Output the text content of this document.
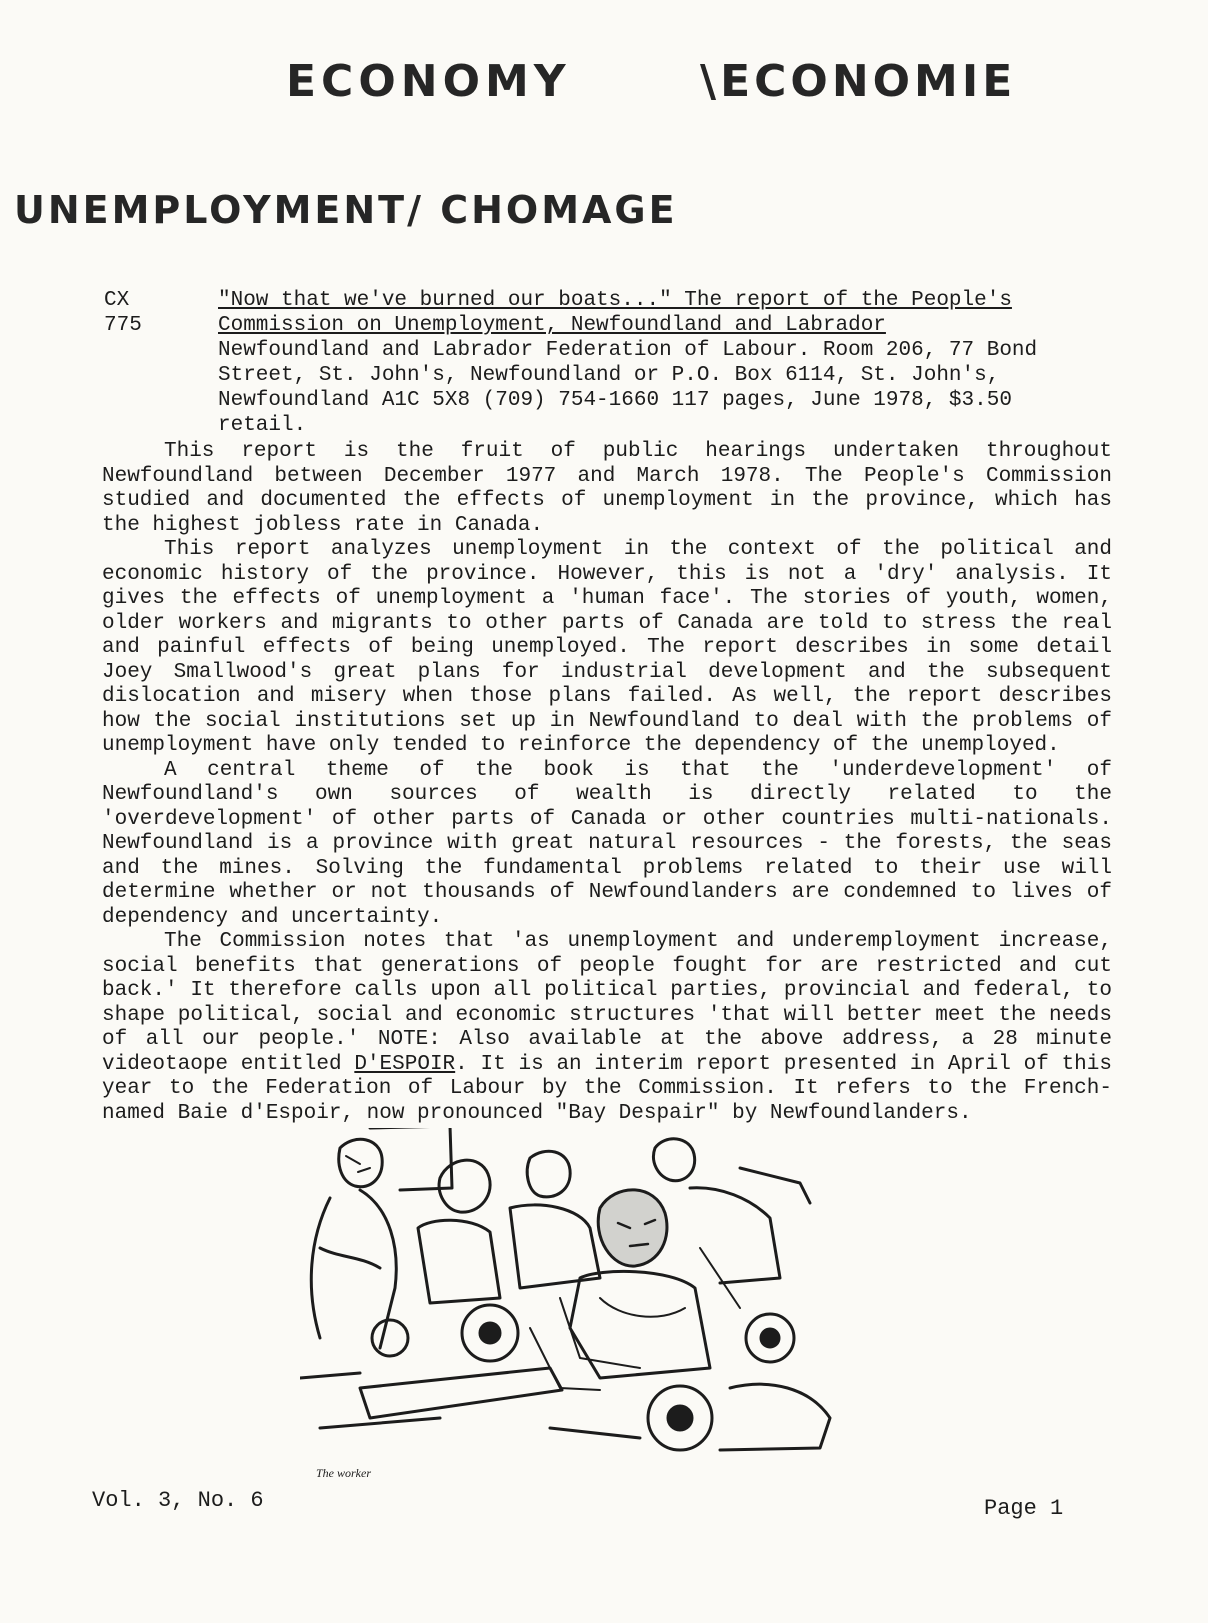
ECONOMY	\ECONOMIE
UNEMPLOYMENT/ CHOMAGE
CX
775
"Now that we've burned our boats..." The report of the People's Commission on Unemployment, Newfoundland and Labrador Newfoundland and Labrador Federation of Labour. Room 206, 77 Bond Street, St. John's, Newfoundland or P.O. Box 6114, St. John's, Newfoundland A1C 5X8 (709) 754-1660 117 pages, June 1978, $3.50 retail.

This report is the fruit of public hearings undertaken throughout Newfoundland between December 1977 and March 1978. The People's Commission studied and documented the effects of unemployment in the province, which has the highest jobless rate in Canada.

This report analyzes unemployment in the context of the political and economic history of the province. However, this is not a 'dry' analysis. It gives the effects of unemployment a 'human face'. The stories of youth, women, older workers and migrants to other parts of Canada are told to stress the real and painful effects of being unemployed. The report describes in some detail Joey Smallwood's great plans for industrial development and the subsequent dislocation and misery when those plans failed. As well, the report describes how the social institutions set up in Newfoundland to deal with the problems of unemployment have only tended to reinforce the dependency of the unemployed.

A central theme of the book is that the 'underdevelopment' of Newfoundland's own sources of wealth is directly related to the 'overdevelopment' of other parts of Canada or other countries multi-nationals. Newfoundland is a province with great natural resources - the forests, the seas and the mines. Solving the fundamental problems related to their use will determine whether or not thousands of Newfoundlanders are condemned to lives of dependency and uncertainty.

The Commission notes that 'as unemployment and underemployment increase, social benefits that generations of people fought for are restricted and cut back.' It therefore calls upon all political parties, provincial and federal, to shape political, social and economic structures 'that will better meet the needs of all our people.' NOTE: Also available at the above address, a 28 minute videotaope entitled D'ESPOIR. It is an interim report presented in April of this year to the Federation of Labour by the Commission. It refers to the French-named Baie d'Espoir, now pronounced "Bay Despair" by Newfoundlanders.

The worker
Vol. 3, No. 6	Page 1
